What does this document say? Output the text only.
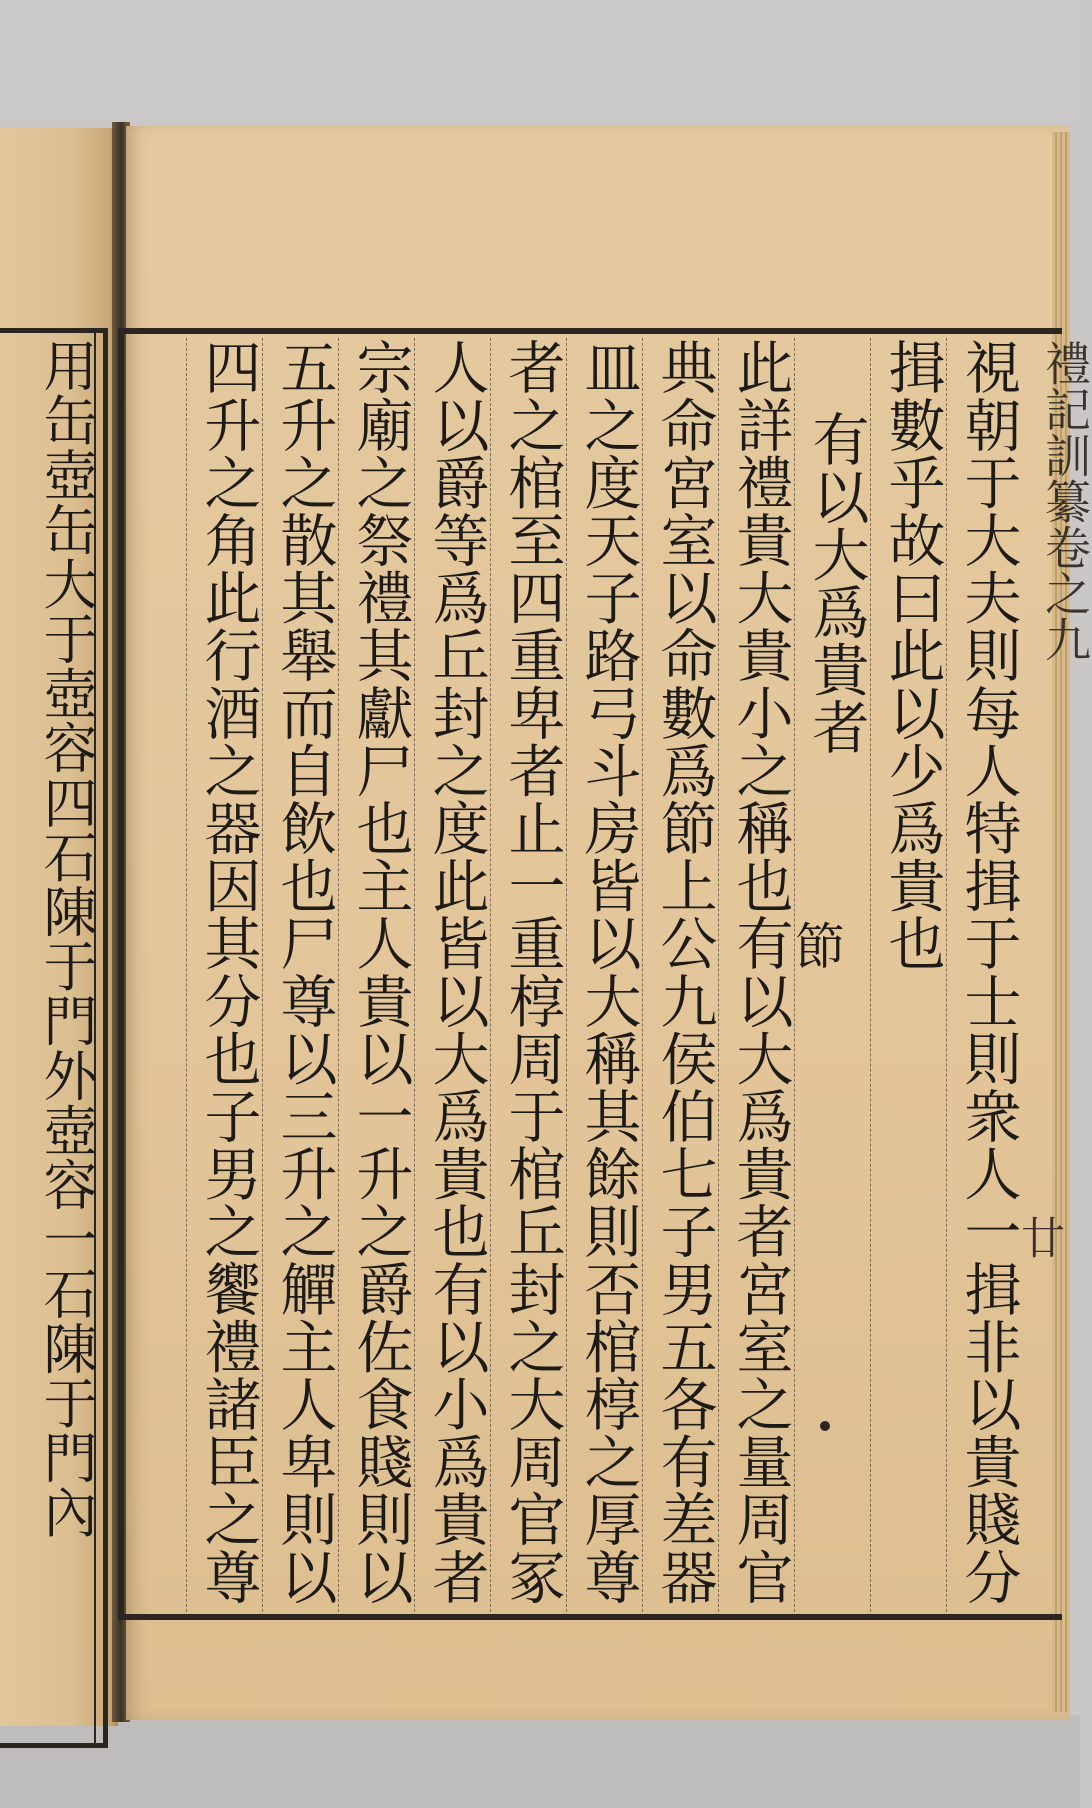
用缶壺缶大于壺容四石陳于門外壺容一石陳于門內	視朝于大夫則每人特揖于士則衆人一揖非以貴賤分
揖數乎故曰此以少爲貴也
有以大爲貴者
此詳禮貴大貴小之稱也有以大爲貴者宮室之量周官
典命宮室以命數爲節上公九侯伯七子男五各有差器
皿之度天子路弓斗房皆以大稱其餘則否棺椁之厚尊
者之棺至四重卑者止一重椁周于棺丘封之大周官冢
人以爵等爲丘封之度此皆以大爲貴也有以小爲貴者
宗廟之祭禮其獻尸也主人貴以一升之爵佐食賤則以
五升之散其舉而自飲也尸尊以三升之觶主人卑則以
四升之角此行酒之器因其分也子男之饗禮諸臣之尊	節
禮記訓纂卷之九
廿
